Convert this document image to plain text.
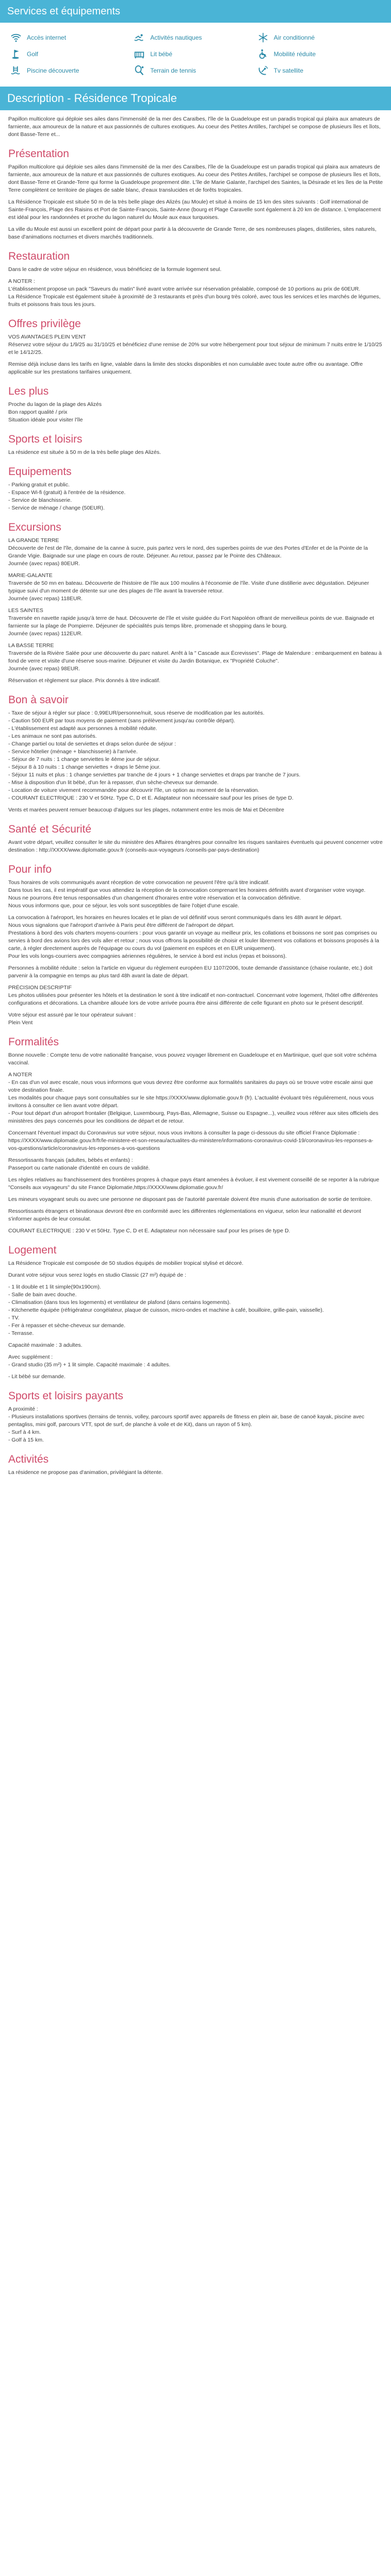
Services et équipements
Accès internet	Activités nautiques	Air conditionné
Golf	Lit bébé	Mobilité réduite
Piscine découverte	Terrain de tennis	Tv satellite
Description - Résidence Tropicale

Papillon multicolore qui déploie ses ailes dans l'immensité de la mer des Caraïbes, l'île de la Guadeloupe est un paradis tropical qui plaira aux amateurs de farniente, aux amoureux de la nature et aux passionnés de cultures exotiques. Au coeur des Petites Antilles, l'archipel se compose de plusieurs îles et îlots, dont Basse-Terre et...

Présentation

Papillon multicolore qui déploie ses ailes dans l'immensité de la mer des Caraïbes, l'île de la Guadeloupe est un paradis tropical qui plaira aux amateurs de farniente, aux amoureux de la nature et aux passionnés de cultures exotiques. Au coeur des Petites Antilles, l'archipel se compose de plusieurs îles et îlots, dont Basse-Terre et Grande-Terre qui forme la Guadeloupe proprement dite. L'île de Marie Galante, l'archipel des Saintes, la Désirade et les îles de la Petite Terre complètent ce territoire de plages de sable blanc, d'eaux translucides et de forêts tropicales.

La Résidence Tropicale est située 50 m de la très belle plage des Alizés (au Moule) et situé à moins de 15 km des sites suivants : Golf international de Sainte-François, Plage des Raisins et Port de Sainte-François, Sainte-Anne (bourg et Plage Caravelle sont également à 20 km de distance. L'emplacement est idéal pour les randonnées et proche du lagon naturel du Moule aux eaux turquoises.

La ville du Moule est aussi un excellent point de départ pour partir à la découverte de Grande Terre, de ses nombreuses plages, distilleries, sites naturels, base d'animations nocturnes et divers marchés traditionnels.

Restauration

Dans le cadre de votre séjour en résidence, vous bénéficiez de la formule logement seul.

A NOTER :
L'établissement propose un pack "Saveurs du matin" livré avant votre arrivée sur réservation préalable, composé de 10 portions au prix de 60EUR.
La Résidence Tropicale est également située à proximité de 3 restaurants et près d'un bourg très coloré, avec tous les services et les marchés de légumes, fruits et poissons frais tous les jours.

Offres privilège

VOS AVANTAGES PLEIN VENT
Réservez votre séjour du 1/9/25 au 31/10/25 et bénéficiez d'une remise de 20% sur votre hébergement pour tout séjour de minimum 7 nuits entre le 1/10/25 et le 14/12/25.

Remise déjà incluse dans les tarifs en ligne, valable dans la limite des stocks disponibles et non cumulable avec toute autre offre ou avantage. Offre applicable sur les prestations tarifaires uniquement.

Les plus

Proche du lagon de la plage des Alizés
Bon rapport qualité / prix
Situation idéale pour visiter l'île

Sports et loisirs

La résidence est située à 50 m de la très belle plage des Alizés.

Equipements

- Parking gratuit et public.
- Espace Wi-fi (gratuit) à l'entrée de la résidence.
- Service de blanchisserie.
- Service de ménage / change (50EUR).

Excursions

LA GRANDE TERRE
Découverte de l'est de l'île, domaine de la canne à sucre, puis partez vers le nord, des superbes points de vue des Portes d'Enfer et de la Pointe de la Grande Vigie. Baignade sur une plage en cours de route. Déjeuner. Au retour, passez par le Pointe des Châteaux.
Journée (avec repas) 80EUR.

MARIE-GALANTE
Traversée de 50 mn en bateau. Découverte de l'histoire de l'île aux 100 moulins à l'économie de l'île. Visite d'une distillerie avec dégustation. Déjeuner typique suivi d'un moment de détente sur une des plages de l'île avant la traversée retour.
Journée (avec repas) 118EUR.

LES SAINTES
Traversée en navette rapide jusqu'à terre de haut. Découverte de l'île et visite guidée du Fort Napoléon offrant de merveilleux points de vue. Baignade et farniente sur la plage de Pompierre. Déjeuner de spécialités puis temps libre, promenade et shopping dans le bourg.
Journée (avec repas) 112EUR.

LA BASSE TERRE
Traversée de la Rivière Salée pour une découverte du parc naturel. Arrêt à la " Cascade aux Écrevisses". Plage de Malendure : embarquement en bateau à fond de verre et visite d'une réserve sous-marine. Déjeuner et visite du Jardin Botanique, ex "Propriété Coluche".
Journée (avec repas) 98EUR.

Réservation et règlement sur place. Prix donnés à titre indicatif.

Bon à savoir

- Taxe de séjour à régler sur place : 0,99EUR/personne/nuit, sous réserve de modification par les autorités.
- Caution 500 EUR par tous moyens de paiement (sans prélèvement jusqu'au contrôle départ).
- L'établissement est adapté aux personnes à mobilité réduite.
- Les animaux ne sont pas autorisés.
- Change partiel ou total de serviettes et draps selon durée de séjour :
- Service hôtelier (ménage + blanchisserie) à l'arrivée.
- Séjour de 7 nuits : 1 change serviettes le 4ème jour de séjour.
- Séjour 8 à 10 nuits : 1 change serviettes + draps le 5ème jour.
- Séjour 11 nuits et plus : 1 change serviettes par tranche de 4 jours + 1 change serviettes et draps par tranche de 7 jours.
- Mise à disposition d'un lit bébé, d'un fer à repasser, d'un sèche-cheveux sur demande.
- Location de voiture vivement recommandée pour découvrir l'île, un option au moment de la réservation.
- COURANT ELECTRIQUE : 230 V et 50Hz. Type C, D et E. Adaptateur non nécessaire sauf pour les prises de type D.

Vents et marées peuvent remuer beaucoup d'algues sur les plages, notamment entre les mois de Mai et Décembre

Santé et Sécurité

Avant votre départ, veuillez consulter le site du ministère des Affaires étrangères pour connaître les risques sanitaires éventuels qui peuvent concerner votre destination : http://XXXX/www.diplomatie.gouv.fr (conseils-aux-voyageurs /conseils-par-pays-destination)

Pour info

Tous horaires de vols communiqués avant réception de votre convocation ne peuvent l'être qu'à titre indicatif.
Dans tous les cas, il est impératif que vous attendiez la réception de la convocation comprenant les horaires définitifs avant d'organiser votre voyage.
Nous ne pourrons être tenus responsables d'un changement d'horaires entre votre réservation et la convocation définitive.
Nous vous informons que, pour ce séjour, les vols sont susceptibles de faire l'objet d'une escale.

La convocation à l'aéroport, les horaires en heures locales et le plan de vol définitif vous seront communiqués dans les 48h avant le départ.
Nous vous signalons que l'aéroport d'arrivée à Paris peut être différent de l'aéroport de départ.
Prestations à bord des vols charters moyens-courriers : pour vous garantir un voyage au meilleur prix, les collations et boissons ne sont pas comprises ou servies à bord des avions lors des vols aller et retour ; nous vous offrons la possibilité de choisir et louler librement vos collations et boissons proposés à la carte, à régler directement auprès de l'équipage ou cours du vol (paiement en espèces et en EUR uniquement).
Pour les vols longs-courriers avec compagnies aériennes régulières, le service à bord est inclus (repas et boissons).

Personnes à mobilité réduite : selon la l'article en vigueur du règlement européen EU 1107/2006, toute demande d'assistance (chaise roulante, etc.) doit parvenir à la compagnie en temps au plus tard 48h avant la date de départ.

PRÉCISION DESCRIPTIF
Les photos utilisées pour présenter les hôtels et la destination le sont à titre indicatif et non-contractuel. Concernant votre logement, l'hôtel offre différentes configurations et décorations. La chambre allouée lors de votre arrivée pourra être ainsi différente de celle figurant en photo sur le présent descriptif.

Votre séjour est assuré par le tour opérateur suivant :
Plein Vent

Formalités

Bonne nouvelle : Compte tenu de votre nationalité française, vous pouvez voyager librement en Guadeloupe et en Martinique, quel que soit votre schéma vaccinal.

A NOTER
- En cas d'un vol avec escale, nous vous informons que vous devrez être conforme aux formalités sanitaires du pays où se trouve votre escale ainsi que votre destination finale.
Les modalités pour chaque pays sont consultables sur le site https://XXXX/www.diplomatie.gouv.fr (fr). L'actualité évoluant très régulièrement, nous vous invitons à consulter ce lien avant votre départ.
- Pour tout départ d'un aéroport frontalier (Belgique, Luxembourg, Pays-Bas, Allemagne, Suisse ou Espagne...), veuillez vous référer aux sites officiels des ministères des pays concernés pour les conditions de départ et de retour.

Concernant l'éventuel impact du Coronavirus sur votre séjour, nous vous invitons à consulter la page ci-dessous du site officiel France Diplomatie : https://XXXX/www.diplomatie.gouv.fr/fr/le-ministere-et-son-reseau/actualites-du-ministere/informations-coronavirus-covid-19/coronavirus-les-reponses-a-vos-questions/article/coronavirus-les-reponses-a-vos-questions

Ressortissants français (adultes, bébés et enfants) :
Passeport ou carte nationale d'identité en cours de validité.

Les règles relatives au franchissement des frontières propres à chaque pays étant amenées à évoluer, il est vivement conseillé de se reporter à la rubrique "Conseils aux voyageurs" du site France Diplomatie,https://XXXX/www.diplomatie.gouv.fr/

Les mineurs voyageant seuls ou avec une personne ne disposant pas de l'autorité parentale doivent être munis d'une autorisation de sortie de territoire.

Ressortissants étrangers et binationaux devront être en conformité avec les différentes réglementations en vigueur, selon leur nationalité et devront s'informer auprès de leur consulat.

COURANT ELECTRIQUE : 230 V et 50Hz. Type C, D et E. Adaptateur non nécessaire sauf pour les prises de type D.

Logement

La Résidence Tropicale est composée de 50 studios équipés de mobilier tropical stylisé et décoré.

Durant votre séjour vous serez logés en studio Classic (27 m²) équipé de :

- 1 lit double et 1 lit simple(90x190cm).
- Salle de bain avec douche.
- Climatisation (dans tous les logements) et ventilateur de plafond (dans certains logements).
- Kitchenette équipée (réfrigérateur congélateur, plaque de cuisson, micro-ondes et machine à café, bouilloire, grille-pain, vaisselle).
- TV.
- Fer à repasser et sèche-cheveux sur demande.
- Terrasse.

Capacité maximale : 3 adultes.

Avec supplément :
- Grand studio (35 m²) + 1 lit simple. Capacité maximale : 4 adultes.

- Lit bébé sur demande.

Sports et loisirs payants

A proximité :
- Plusieurs installations sportives (terrains de tennis, volley, parcours sportif avec appareils de fitness en plein air, base de canoë kayak, piscine avec pentagliss, mini golf, parcours VTT, spot de surf, de planche à voile et de Kit), dans un rayon of 5 km).
- Surf à 4 km.
- Golf à 15 km.

Activités

La résidence ne propose pas d'animation, privilégiant la détente.
